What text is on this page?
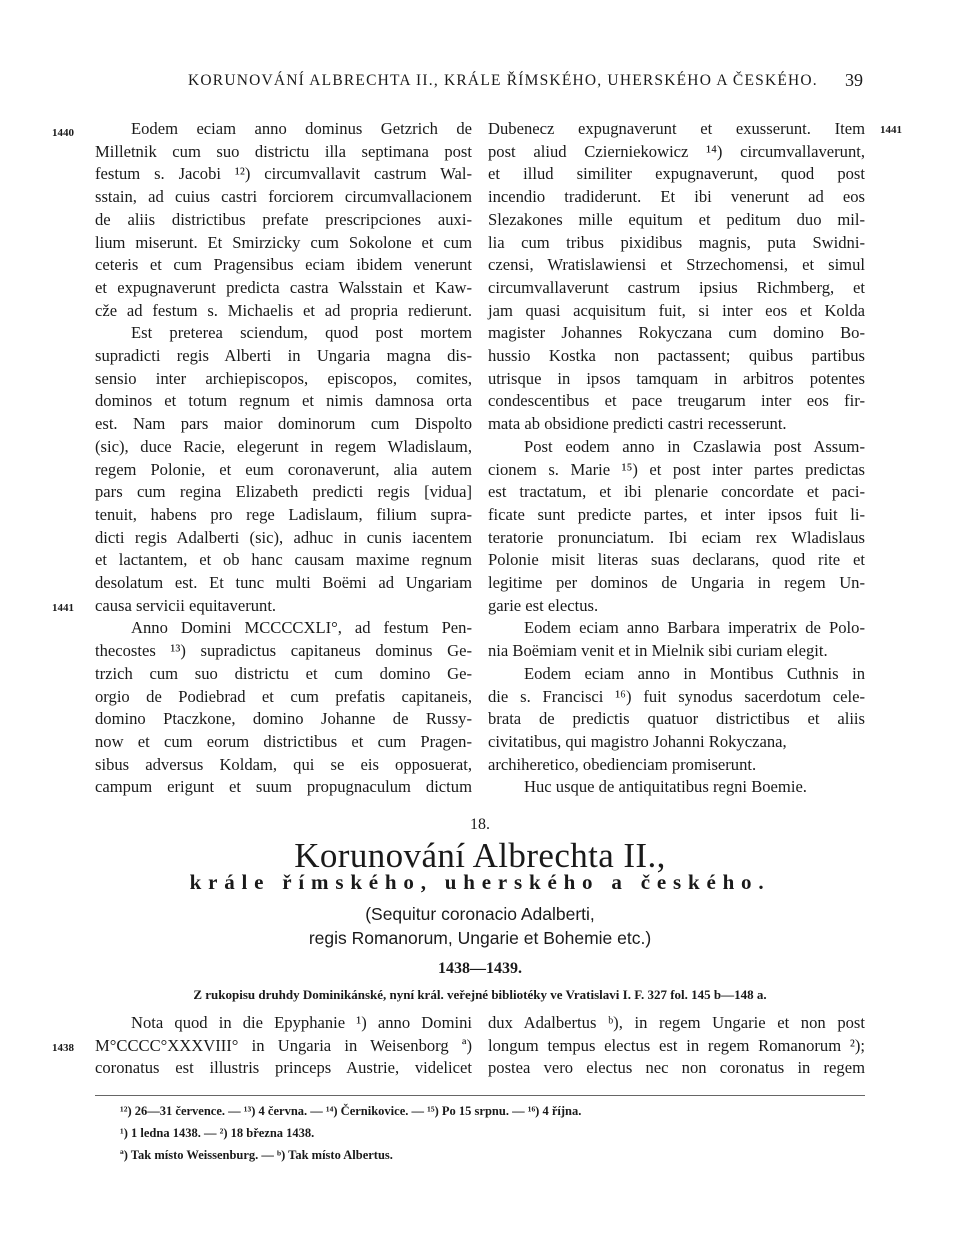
KORUNOVÁNÍ ALBRECHTA II., KRÁLE ŘÍMSKÉHO, UHERSKÉHO A ČESKÉHO. 39
1440	1441
1441
1438
Eodem eciam anno dominus Getzrich de
Milletnik cum suo districtu illa septimana post
festum s. Jacobi ¹²) circumvallavit castrum Wal-
sstain, ad cuius castri forciorem circumvallacionem
de aliis districtibus prefate prescripciones auxi-
lium miserunt. Et Smirzicky cum Sokolone et cum
ceteris et cum Pragensibus eciam ibidem venerunt
et expugnaverunt predicta castra Walsstain et Kaw-
cže ad festum s. Michaelis et ad propria redierunt.
Est preterea sciendum, quod post mortem
supradicti regis Alberti in Ungaria magna dis-
sensio inter archiepiscopos, episcopos, comites,
dominos et totum regnum et nimis damnosa orta
est. Nam pars maior dominorum cum Dispolto
(sic), duce Racie, elegerunt in regem Wladislaum,
regem Polonie, et eum coronaverunt, alia autem
pars cum regina Elizabeth predicti regis [vidua]
tenuit, habens pro rege Ladislaum, filium supra-
dicti regis Adalberti (sic), adhuc in cunis iacentem
et lactantem, et ob hanc causam maxime regnum
desolatum est. Et tunc multi Boëmi ad Ungariam
causa servicii equitaverunt.
Anno Domini MCCCCXLI°, ad festum Pen-
thecostes ¹³) supradictus capitaneus dominus Ge-
trzich cum suo districtu et cum domino Ge-
orgio de Podiebrad et cum prefatis capitaneis,
domino Ptaczkone, domino Johanne de Russy-
now et cum eorum districtibus et cum Pragen-
sibus adversus Koldam, qui se eis opposuerat,
campum erigunt et suum propugnaculum dictum
Dubenecz expugnaverunt et exusserunt. Item
post aliud Czierniekowicz ¹⁴) circumvallaverunt,
et illud similiter expugnaverunt, quod post
incendio tradiderunt. Et ibi venerunt ad eos
Slezakones mille equitum et peditum duo mil-
lia cum tribus pixidibus magnis, puta Swidni-
czensi, Wratislawiensi et Strzechomensi, et simul
circumvallaverunt castrum ipsius Richmberg, et
jam quasi acquisitum fuit, si inter eos et Kolda
magister Johannes Rokyczana cum domino Bo-
hussio Kostka non pactassent; quibus partibus
utrisque in ipsos tamquam in arbitros potentes
condescentibus et pace treugarum inter eos fir-
mata ab obsidione predicti castri recesserunt.
Post eodem anno in Czaslawia post Assum-
cionem s. Marie ¹⁵) et post inter partes predictas
est tractatum, et ibi plenarie concordate et paci-
ficate sunt predicte partes, et inter ipsos fuit li-
teratorie pronunciatum. Ibi eciam rex Wladislaus
Polonie misit literas suas declarans, quod rite et
legitime per dominos de Ungaria in regem Un-
garie est electus.
Eodem eciam anno Barbara imperatrix de Polo-
nia Boëmiam venit et in Mielnik sibi curiam elegit.
Eodem eciam anno in Montibus Cuthnis in
die s. Francisci ¹⁶) fuit synodus sacerdotum cele-
brata de predictis quatuor districtibus et aliis
civitatibus, qui magistro Johanni Rokyczana,
archiheretico, obedienciam promiserunt.
Huc usque de antiquitatibus regni Boemie.
18.
Korunování Albrechta II.,
krále římského, uherského a českého.
(Sequitur coronacio Adalberti,
regis Romanorum, Ungarie et Bohemie etc.)
1438—1439.
Z rukopisu druhdy Dominikánské, nyní král. veřejné bibliotéky ve Vratislavi I. F. 327 fol. 145 b—148 a.
Nota quod in die Epyphanie ¹) anno Domini
M°CCCC°XXXVIII° in Ungaria in Weisenborg ª)
coronatus est illustris princeps Austrie, videlicet
dux Adalbertus ᵇ), in regem Ungarie et non post
longum tempus electus est in regem Romanorum ²);
postea vero electus nec non coronatus in regem
¹²) 26—31 července. — ¹³) 4 června. — ¹⁴) Černikovice. — ¹⁵) Po 15 srpnu. — ¹⁶) 4 října.
¹) 1 ledna 1438. — ²) 18 března 1438.
ª) Tak místo Weissenburg. — ᵇ) Tak místo Albertus.
